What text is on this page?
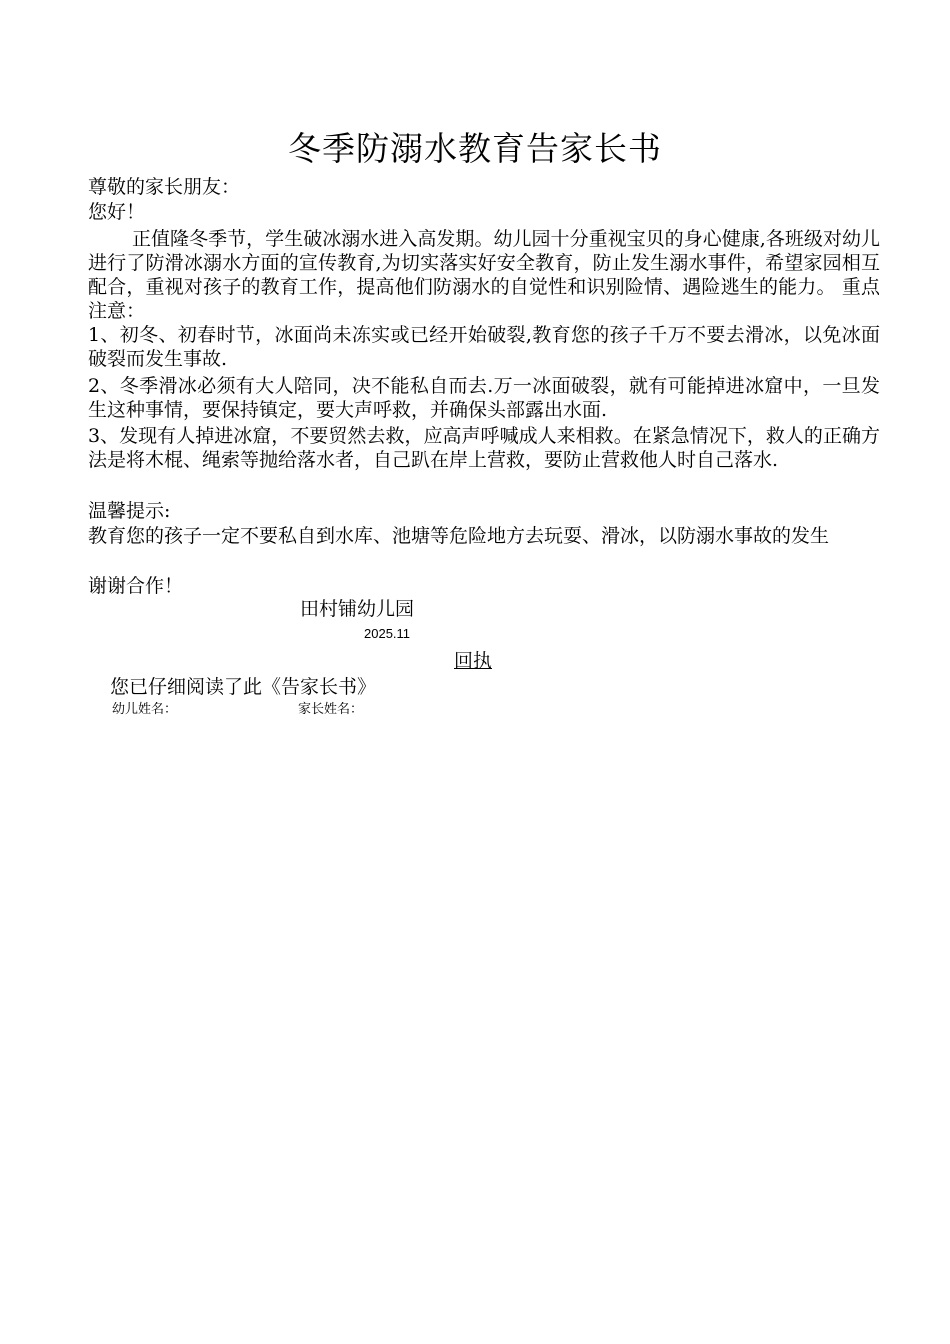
冬季防溺水教育告家长书
尊敬的家长朋友：
您好！
正值隆冬季节，学生破冰溺水进入高发期。幼儿园十分重视宝贝的身心健康,各班级对幼儿进行了防滑冰溺水方面的宣传教育,为切实落实好安全教育，防止发生溺水事件，希望家园相互配合，重视对孩子的教育工作，提高他们防溺水的自觉性和识别险情、遇险逃生的能力。 重点注意：
1、初冬、初春时节，冰面尚未冻实或已经开始破裂,教育您的孩子千万不要去滑冰，以免冰面破裂而发生事故.
2、冬季滑冰必须有大人陪同，决不能私自而去.万一冰面破裂，就有可能掉进冰窟中，一旦发生这种事情，要保持镇定，要大声呼救，并确保头部露出水面.
3、发现有人掉进冰窟，不要贸然去救，应高声呼喊成人来相救。在紧急情况下，救人的正确方法是将木棍、绳索等抛给落水者，自己趴在岸上营救，要防止营救他人时自己落水.
温馨提示:
教育您的孩子一定不要私自到水库、池塘等危险地方去玩耍、滑冰，以防溺水事故的发生
谢谢合作！
田村铺幼儿园
2025.11
回执
您已仔细阅读了此《告家长书》
幼儿姓名：	家长姓名：
